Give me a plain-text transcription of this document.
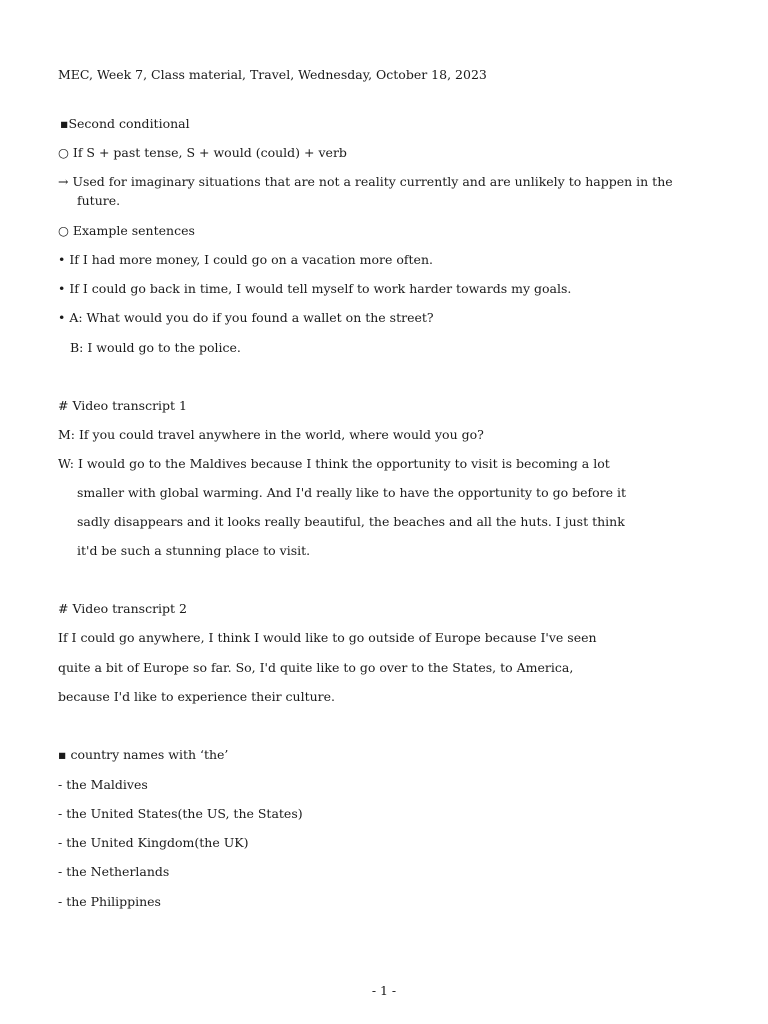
MEC, Week 7, Class material, Travel, Wednesday, October 18, 2023
▪Second conditional
○ If S + past tense, S + would (could) + verb
→ Used for imaginary situations that are not a reality currently and are unlikely to happen in the
future.
○ Example sentences
• If I had more money, I could go on a vacation more often.
• If I could go back in time, I would tell myself to work harder towards my goals.
• A: What would you do if you found a wallet on the street?
B: I would go to the police.
# Video transcript 1
M: If you could travel anywhere in the world, where would you go?
W: I would go to the Maldives because I think the opportunity to visit is becoming a lot
smaller with global warming. And I'd really like to have the opportunity to go before it
sadly disappears and it looks really beautiful, the beaches and all the huts. I just think
it'd be such a stunning place to visit.
# Video transcript 2
If I could go anywhere, I think I would like to go outside of Europe because I've seen
quite a bit of Europe so far. So, I'd quite like to go over to the States, to America,
because I'd like to experience their culture.
▪ country names with ‘the’
- the Maldives
- the United States(the US, the States)
- the United Kingdom(the UK)
- the Netherlands
- the Philippines
- 1 -
